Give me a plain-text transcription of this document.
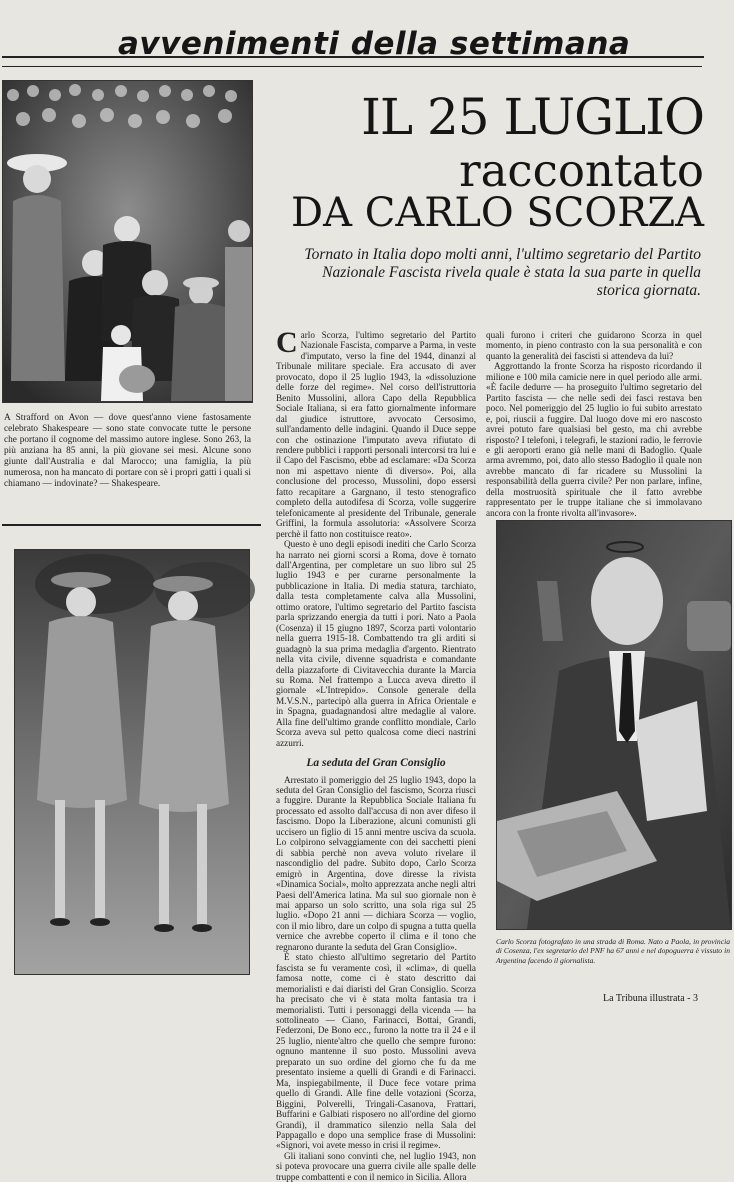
avvenimenti della settimana
A Strafford on Avon — dove quest'anno viene fastosamente celebrato Shakespeare — sono state convocate tutte le persone che portano il cognome del massimo autore inglese. Sono 263, la più anziana ha 85 anni, la più giovane sei mesi. Alcune sono giunte dall'Australia e dal Marocco; una famiglia, la più numerosa, non ha mancato di portare con sè i propri gatti i quali si chiamano — indovinate? — Shakespeare.
IL 25 LUGLIO
raccontato
DA CARLO SCORZA
Tornato in Italia dopo molti anni, l'ultimo segretario del Partito Nazionale Fascista rivela quale è stata la sua parte in quella storica giornata.

Carlo Scorza, l'ultimo segretario del Partito Nazionale Fascista, comparve a Parma, in veste d'imputato, verso la fine del 1944, dinanzi al Tribunale militare speciale. Era accusato di aver provocato, dopo il 25 luglio 1943, la «dissoluzione delle forze del regime». Nel corso dell'istruttoria Benito Mussolini, allora Capo della Repubblica Sociale Italiana, si era fatto giornalmente informare dal giudice istruttore, avvocato Cersosimo, sull'andamento delle indagini. Quando il Duce seppe con che ostinazione l'imputato aveva rifiutato di rendere pubblici i rapporti personali intercorsi tra lui e il Capo del Fascismo, ebbe ad esclamare: «Da Scorza non mi aspettavo niente di diverso». Poi, alla conclusione del processo, Mussolini, dopo essersi fatto recapitare a Gargnano, il testo stenografico completo della autodifesa di Scorza, volle suggerire telefonicamente al presidente del Tribunale, generale Griffini, la formula assolutoria: «Assolvere Scorza perchè il fatto non costituisce reato».

Questo è uno degli episodi inediti che Carlo Scorza ha narrato nei giorni scorsi a Roma, dove è tornato dall'Argentina, per completare un suo libro sul 25 luglio 1943 e per curarne personalmente la pubblicazione in Italia. Di media statura, tarchiato, dalla testa completamente calva alla Mussolini, ottimo oratore, l'ultimo segretario del Partito fascista parla sprizzando energia da tutti i pori. Nato a Paola (Cosenza) il 15 giugno 1897, Scorza partì volontario nella guerra 1915-18. Combattendo tra gli arditi si guadagnò la sua prima medaglia d'argento. Rientrato nella vita civile, divenne squadrista e comandante della piazzaforte di Civitavecchia durante la Marcia su Roma. Nel frattempo a Lucca aveva diretto il giornale «L'Intrepido». Console generale della M.V.S.N., partecipò alla guerra in Africa Orientale e in Spagna, guadagnandosi altre medaglie al valore. Alla fine dell'ultimo grande conflitto mondiale, Carlo Scorza aveva sul petto qualcosa come dieci nastrini azzurri.

La seduta del Gran Consiglio

Arrestato il pomeriggio del 25 luglio 1943, dopo la seduta del Gran Consiglio del fascismo, Scorza riuscì a fuggire. Durante la Repubblica Sociale Italiana fu processato ed assolto dall'accusa di non aver difeso il fascismo. Dopo la Liberazione, alcuni comunisti gli uccisero un figlio di 15 anni mentre usciva da scuola. Lo colpirono selvaggiamente con dei sacchetti pieni di sabbia perchè non aveva voluto rivelare il nascondiglio del padre. Subito dopo, Carlo Scorza emigrò in Argentina, dove diresse la rivista «Dinamica Social», molto apprezzata anche negli altri Paesi dell'America latina. Ma sul suo giornale non è mai apparso un solo scritto, una sola riga sul 25 luglio. «Dopo 21 anni — dichiara Scorza — voglio, con il mio libro, dare un colpo di spugna a tutta quella vernice che avrebbe coperto il clima e il tono che regnarono durante la seduta del Gran Consiglio».

È stato chiesto all'ultimo segretario del Partito fascista se fu veramente così, il «clima», di quella famosa notte, come ci è stato descritto dai memorialisti e dai diaristi del Gran Consiglio. Scorza ha precisato che vi è stata molta fantasia tra i memorialisti. Tutti i personaggi della vicenda — ha sottolineato — Ciano, Farinacci, Bottai, Grandi, Federzoni, De Bono ecc., furono la notte tra il 24 e il 25 luglio, niente'altro che quello che sempre furono: ognuno mantenne il suo posto. Mussolini aveva preparato un suo ordine del giorno che fu da me presentato insieme a quelli di Grandi e di Farinacci. Ma, inspiegabilmente, il Duce fece votare prima quello di Grandi. Alle fine delle votazioni (Scorza, Biggini, Polverelli, Tringali-Casanova, Frattari, Buffarini e Galbiati risposero no all'ordine del giorno Grandi), il drammatico silenzio nella Sala del Pappagallo e dopo una semplice frase di Mussolini: «Signori, voi avete messo in crisi il regime».

Gli italiani sono convinti che, nel luglio 1943, non si poteva provocare una guerra civile alle spalle delle truppe combattenti e con il nemico in Sicilia. Allora

quali furono i criteri che guidarono Scorza in quel momento, in pieno contrasto con la sua personalità e con quanto la generalità dei fascisti si attendeva da lui?

Aggrottando la fronte Scorza ha risposto ricordando il milione e 100 mila camicie nere in quel periodo alle armi. «È facile dedurre — ha proseguito l'ultimo segretario del Partito fascista — che nelle sedi dei fasci restava ben poco. Nel pomeriggio del 25 luglio io fui subito arrestato e, poi, riuscii a fuggire. Dal luogo dove mi ero nascosto avrei potuto fare qualsiasi bel gesto, ma chi avrebbe risposto? I telefoni, i telegrafi, le stazioni radio, le ferrovie e gli aeroporti erano già nelle mani di Badoglio. Quale arma avremmo, poi, dato allo stesso Badoglio il quale non avrebbe mancato di far ricadere su Mussolini la responsabilità della guerra civile? Per non parlare, infine, della mostruosità spirituale che il fatto avrebbe rappresentato per le truppe italiane che si immolavano ancora con la fronte rivolta all'invasore».

Carlo Scorza fotografato in una strada di Roma. Nato a Paola, in provincia di Cosenza, l'ex segretario del PNF ha 67 anni e nel dopoguerra è vissuto in Argentina facendo il giornalista.
La Tribuna illustrata - 3
